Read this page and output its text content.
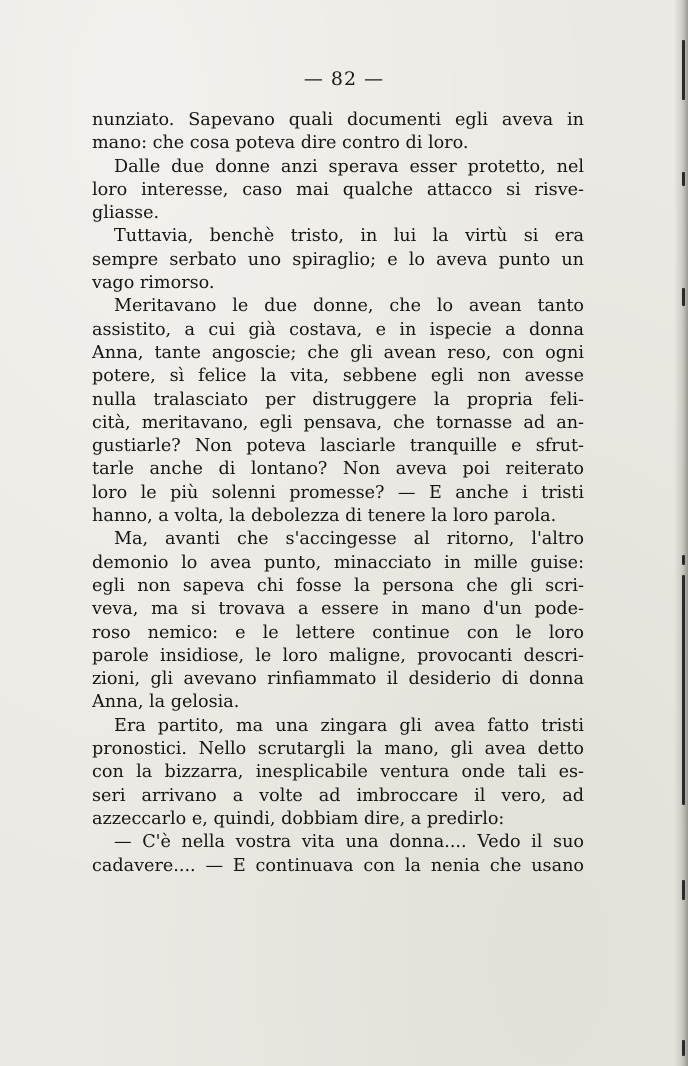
— 82 —
nunziato. Sapevano quali documenti egli aveva in
mano: che cosa poteva dire contro di loro.
Dalle due donne anzi sperava esser protetto, nel
loro interesse, caso mai qualche attacco si risve-
gliasse.
Tuttavia, benchè tristo, in lui la virtù si era
sempre serbato uno spiraglio; e lo aveva punto un
vago rimorso.
Meritavano le due donne, che lo avean tanto
assistito, a cui già costava, e in ispecie a donna
Anna, tante angoscie; che gli avean reso, con ogni
potere, sì felice la vita, sebbene egli non avesse
nulla tralasciato per distruggere la propria feli-
cità, meritavano, egli pensava, che tornasse ad an-
gustiarle? Non poteva lasciarle tranquille e sfrut-
tarle anche di lontano? Non aveva poi reiterato
loro le più solenni promesse? — E anche i tristi
hanno, a volta, la debolezza di tenere la loro parola.
Ma, avanti che s'accingesse al ritorno, l'altro
demonio lo avea punto, minacciato in mille guise:
egli non sapeva chi fosse la persona che gli scri-
veva, ma si trovava a essere in mano d'un pode-
roso nemico: e le lettere continue con le loro
parole insidiose, le loro maligne, provocanti descri-
zioni, gli avevano rinfiammato il desiderio di donna
Anna, la gelosia.
Era partito, ma una zingara gli avea fatto tristi
pronostici. Nello scrutargli la mano, gli avea detto
con la bizzarra, inesplicabile ventura onde tali es-
seri arrivano a volte ad imbroccare il vero, ad
azzeccarlo e, quindi, dobbiam dire, a predirlo:
— C'è nella vostra vita una donna.... Vedo il suo
cadavere.... — E continuava con la nenia che usano
